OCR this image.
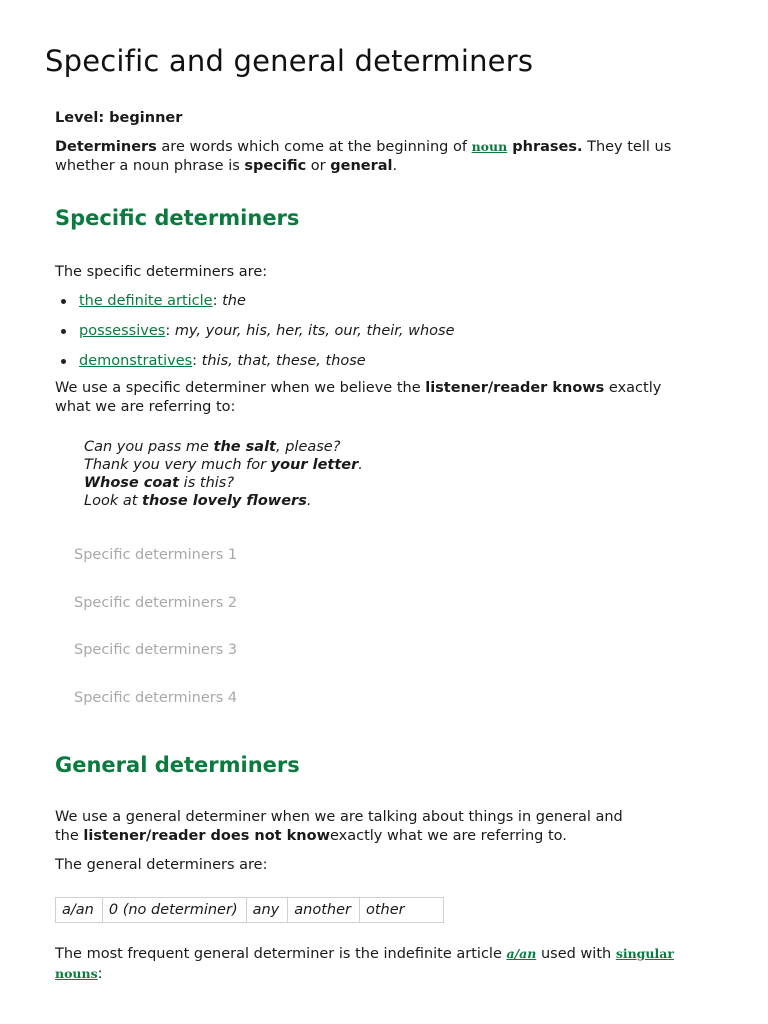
Specific and general determiners

Level: beginner

Determiners are words which come at the beginning of noun phrases. They tell us
whether a noun phrase is specific or general.

Specific determiners

The specific determiners are:

the definite article: the
possessives: my, your, his, her, its, our, their, whose
demonstratives: this, that, these, those

We use a specific determiner when we believe the listener/reader knows exactly
what we are referring to:

Can you pass me the salt, please?
Thank you very much for your letter.
Whose coat is this?
Look at those lovely flowers.
Specific determiners 1
Specific determiners 2
Specific determiners 3
Specific determiners 4
General determiners

We use a general determiner when we are talking about things in general and
the listener/reader does not knowexactly what we are referring to.

The general determiners are:

a/an	0 (no determiner)	any	another	other

The most frequent general determiner is the indefinite article a/an used with singular
nouns:
